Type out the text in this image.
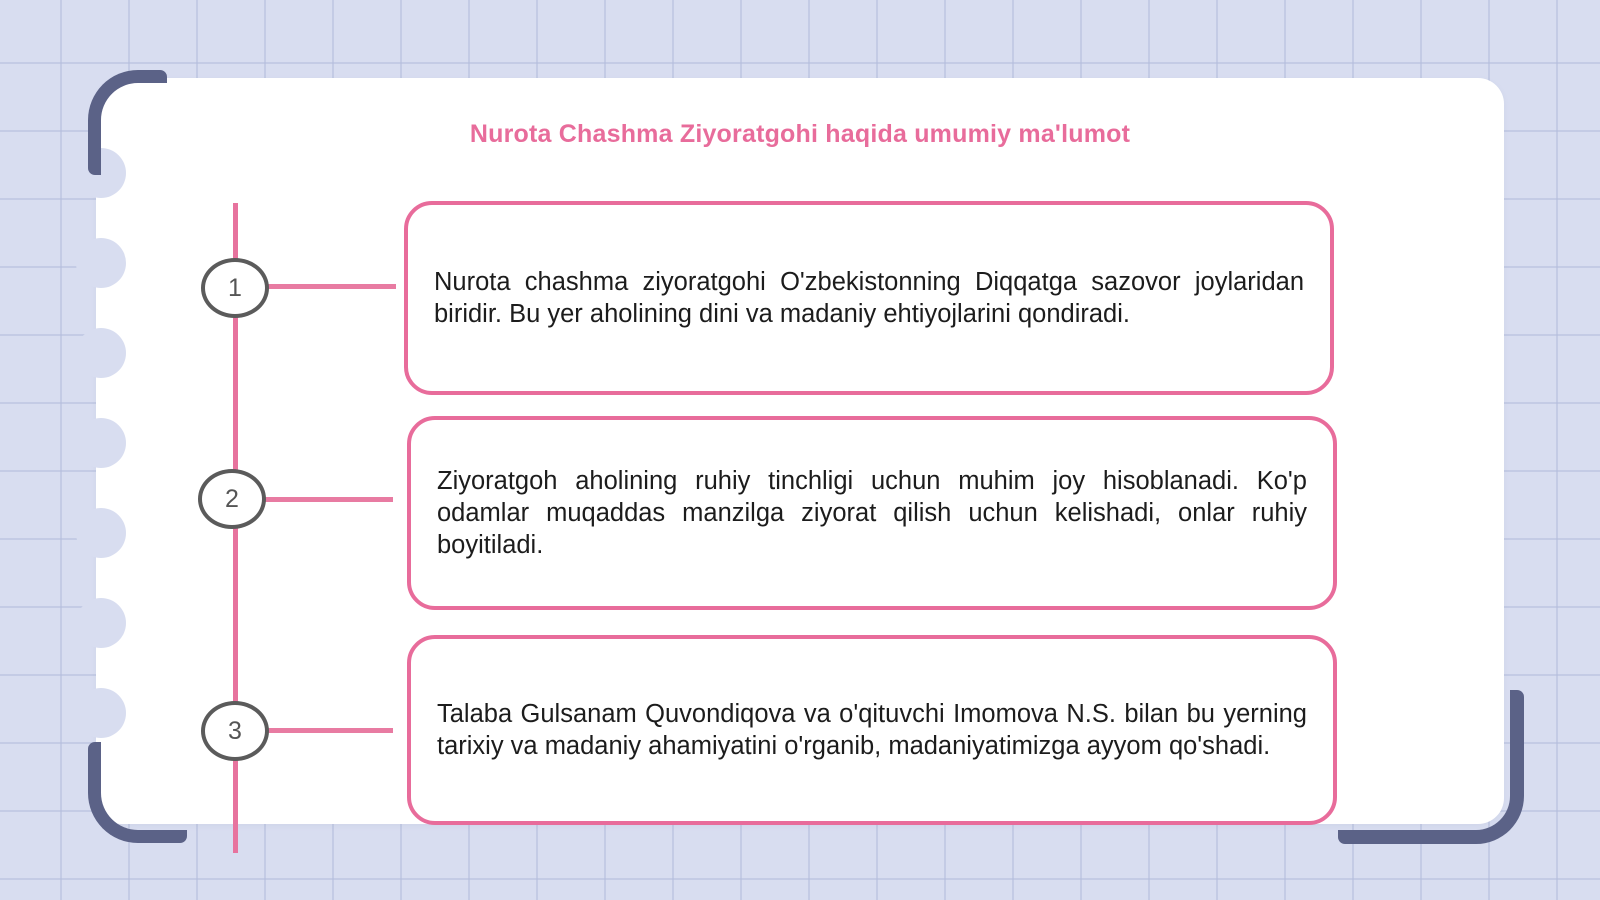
Nurota Chashma Ziyoratgohi haqida umumiy ma'lumot
1	Nurota chashma ziyoratgohi O'zbekistonning Diqqatga sazovor joylaridan biridir. Bu yer aholining dini va madaniy ehtiyojlarini qondiradi.
2
Ziyoratgoh aholining ruhiy tinchligi uchun muhim joy hisoblanadi. Ko'p odamlar muqaddas manzilga ziyorat qilish uchun kelishadi, onlar ruhiy boyitiladi.
3
Talaba Gulsanam Quvondiqova va o'qituvchi Imomova N.S. bilan bu yerning tarixiy va madaniy ahamiyatini o'rganib, madaniyatimizga ayyom qo'shadi.
